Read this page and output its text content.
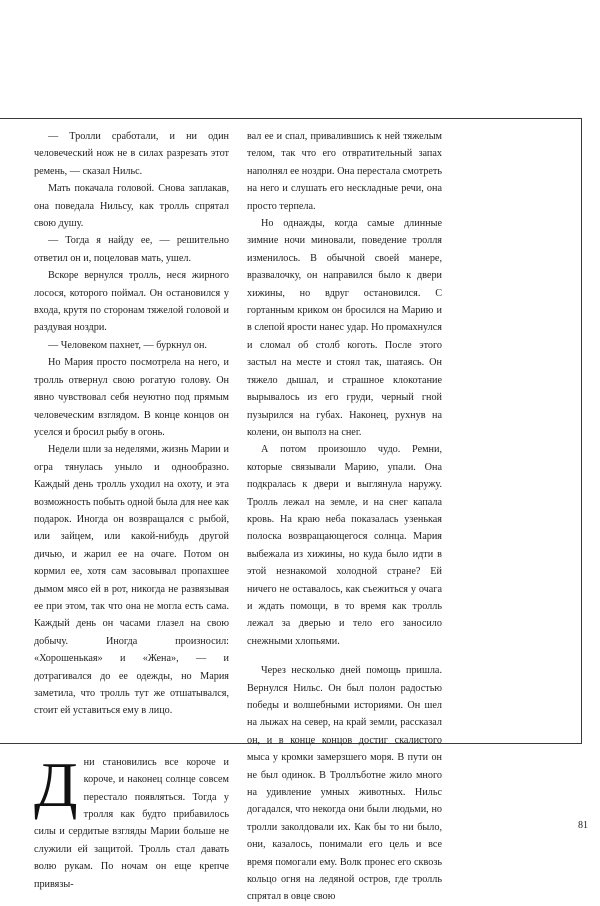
— Тролли сработали, и ни один человеческий нож не в силах разрезать этот ремень, — сказал Нильс.

Мать покачала головой. Снова заплакав, она поведала Нильсу, как тролль спрятал свою душу.

— Тогда я найду ее, — решительно ответил он и, поцеловав мать, ушел.

Вскоре вернулся тролль, неся жирного лосося, которого поймал. Он остановился у входа, крутя по сторонам тяжелой головой и раздувая ноздри.

— Человеком пахнет, — буркнул он.

Но Мария просто посмотрела на него, и тролль отвернул свою рогатую голову. Он явно чувствовал себя неуютно под прямым человеческим взглядом. В конце концов он уселся и бросил рыбу в огонь.

Недели шли за неделями, жизнь Марии и огра тянулась уныло и однообразно. Каждый день тролль уходил на охоту, и эта возможность побыть одной была для нее как подарок. Иногда он возвращался с рыбой, или зайцем, или какой-нибудь другой дичью, и жарил ее на очаге. Потом он кормил ее, хотя сам засовывал пропахшее дымом мясо ей в рот, никогда не развязывая ее при этом, так что она не могла есть сама. Каждый день он часами глазел на свою добычу. Иногда произносил: «Хорошенькая» и «Жена», — и дотрагивался до ее одежды, но Мария заметила, что тролль тут же отшатывался, стоит ей уставиться ему в лицо.

Дни становились все короче и короче, и наконец солнце совсем перестало появляться. Тогда у тролля как будто прибавилось силы и сердитые взгляды Марии больше не служили ей защитой. Тролль стал давать волю рукам. По ночам он еще крепче привязы-

вал ее и спал, привалившись к ней тяжелым телом, так что его отвратительный запах наполнял ее ноздри. Она перестала смотреть на него и слушать его нескладные речи, она просто терпела.

Но однажды, когда самые длинные зимние ночи миновали, поведение тролля изменилось. В обычной своей манере, вразвалочку, он направился было к двери хижины, но вдруг остановился. С гортанным криком он бросился на Марию и в слепой ярости нанес удар. Но промахнулся и сломал об столб коготь. После этого застыл на месте и стоял так, шатаясь. Он тяжело дышал, и страшное клокотание вырывалось из его груди, черный гной пузырился на губах. Наконец, рухнув на колени, он выполз на снег.

А потом произошло чудо. Ремни, которые связывали Марию, упали. Она подкралась к двери и выглянула наружу. Тролль лежал на земле, и на снег капала кровь. На краю неба показалась узенькая полоска возвращающегося солнца. Мария выбежала из хижины, но куда было идти в этой незнакомой холодной стране? Ей ничего не оставалось, как съежиться у очага и ждать помощи, в то время как тролль лежал за дверью и тело его заносило снежными хлопьями.

Через несколько дней помощь пришла. Вернулся Нильс. Он был полон радостью победы и волшебными историями. Он шел на лыжах на север, на край земли, рассказал он, и в конце концов достиг скалистого мыса у кромки замерзшего моря. В пути он не был одинок. В Троллъботне жило много на удивление умных животных. Нильс догадался, что некогда они были людьми, но тролли заколдовали их. Как бы то ни было, они, казалось, понимали его цель и все время помогали ему. Волк пронес его сквозь кольцо огня на ледяной остров, где тролль спрятал в овце свою

81
